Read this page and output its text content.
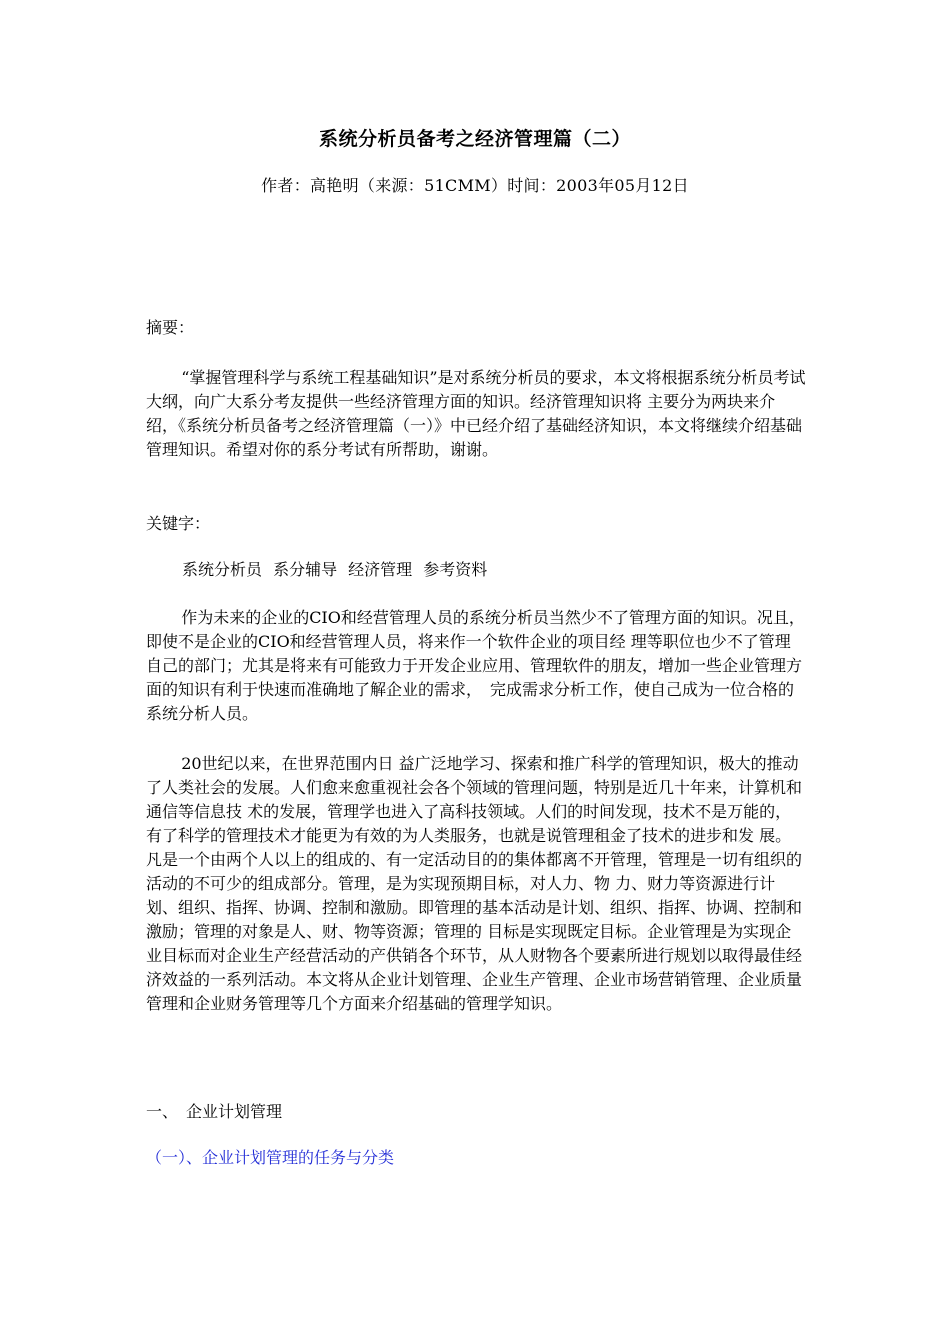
系统分析员备考之经济管理篇（二）
作者：高艳明（来源：51CMM）时间：2003年05月12日

摘要：

“掌握管理科学与系统工程基础知识”是对系统分析员的要求，本文将根据系统分析员考试大纲，向广大系分考友提供一些经济管理方面的知识。经济管理知识将 主要分为两块来介绍，《系统分析员备考之经济管理篇（一）》中已经介绍了基础经济知识，本文将继续介绍基础管理知识。希望对你的系分考试有所帮助，谢谢。

关键字：

系统分析员 系分辅导 经济管理 参考资料

作为未来的企业的CIO和经营管理人员的系统分析员当然少不了管理方面的知识。况且，即使不是企业的CIO和经营管理人员，将来作一个软件企业的项目经 理等职位也少不了管理自己的部门；尤其是将来有可能致力于开发企业应用、管理软件的朋友，增加一些企业管理方面的知识有利于快速而准确地了解企业的需求，　完成需求分析工作，使自己成为一位合格的系统分析人员。

20世纪以来，在世界范围内日 益广泛地学习、探索和推广科学的管理知识，极大的推动了人类社会的发展。人们愈来愈重视社会各个领域的管理问题，特别是近几十年来，计算机和通信等信息技 术的发展，管理学也进入了高科技领域。人们的时间发现，技术不是万能的，有了科学的管理技术才能更为有效的为人类服务，也就是说管理租金了技术的进步和发 展。凡是一个由两个人以上的组成的、有一定活动目的的集体都离不开管理，管理是一切有组织的活动的不可少的组成部分。管理，是为实现预期目标，对人力、物 力、财力等资源进行计划、组织、指挥、协调、控制和激励。即管理的基本活动是计划、组织、指挥、协调、控制和激励；管理的对象是人、财、物等资源；管理的 目标是实现既定目标。企业管理是为实现企业目标而对企业生产经营活动的产供销各个环节，从人财物各个要素所进行规划以取得最佳经济效益的一系列活动。本文将从企业计划管理、企业生产管理、企业市场营销管理、企业质量管理和企业财务管理等几个方面来介绍基础的管理学知识。

一、　企业计划管理

（一）、企业计划管理的任务与分类
